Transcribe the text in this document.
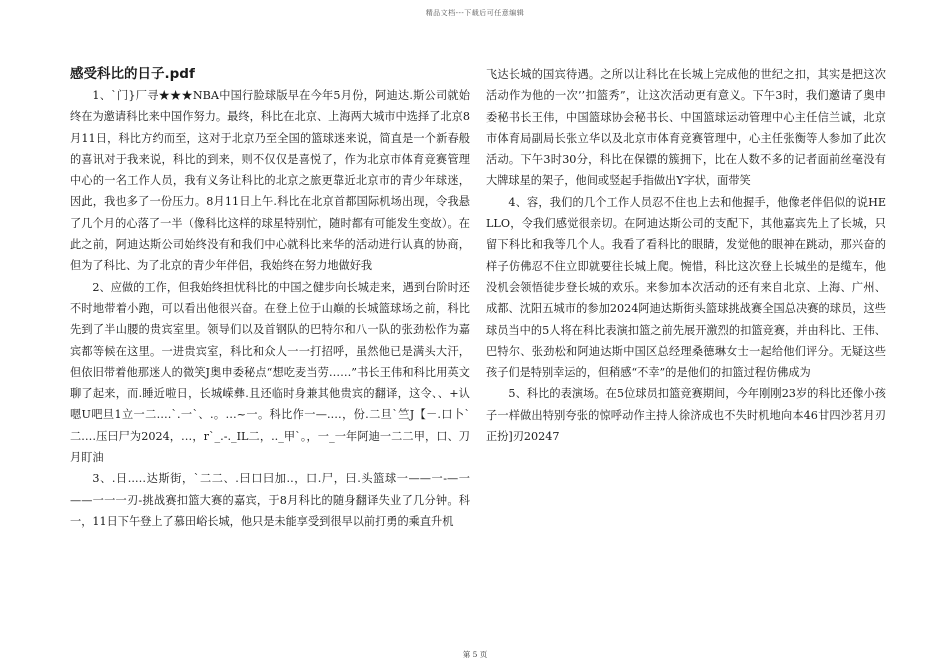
精品文档---下载后可任意编辑
感受科比的日子.pdf

1、`门}厂寻★★★NBA中国行脸球版早在今年5月份，阿迪达.斯公司就始终在为邀请科比来中国作努力。最终，科比在北京、上海两大城市中选择了北京8月11日，科比方约而至，这对于北京乃至全国的篮球迷来说，简直是一个新春般的喜讯对于我来说，科比的到来，则不仅仅是喜悦了，作为北京市体育竞赛管理中心的一名工作人员，我有义务让科比的北京之旅更靠近北京市的青少年球迷，因此，我也多了一份压力。8月11日上午.科比在北京首都国际机场出现，令我悬了几个月的心落了一半（像科比这样的球星特别忙，随时都有可能发生变故）。在此之前，阿迪达斯公司始终没有和我们中心就科比来华的活动进行认真的协商，但为了科比、为了北京的青少年伴侣，我始终在努力地做好我

2、应做的工作，但我始终担忧科比的中国之健步向长城走来，遇到台阶时还不时地带着小跑，可以看出他很兴奋。在登上位于山巅的长城篮球场之前，科比先到了半山腰的贵宾室里。领导们以及首钢队的巴特尔和八一队的张劲松作为嘉宾都等候在这里。一进贵宾室，科比和众人一一打招呼，虽然他已是满头大汗，但依旧带着他那迷人的微笑J奥申委秘点“想吃麦当劳……”书长王伟和科比用英文聊了起来，而.睡近啦日，长城嵘彝.且还临时身兼其他贵宾的翻译，这令、、+认嗯U吧旦1立一二.…`.一`、.。…~一。科比作一—.…，份.二旦`竺J【－.口卜`二.…压曰尸为2024，…，r`_.-._IL二，.._甲`。，一_一年阿迪一二二甲，口、刀月盯油

3、.日..…达斯街，`二二、.曰口曰加..，口.尸，曰.头篮球一——一-—一——一一一刃-挑战赛扣篮大赛的嘉宾，于8月科比的随身翻译失业了几分钟。科一，11日下午登上了慕田峪长城，他只是未能享受到很早以前打勇的乘直升机

飞达长城的国宾待遇。之所以让科比在长城上完成他的世纪之扣，其实是把这次活动作为他的一次’’扣篮秀”，让这次活动更有意义。下午3时，我们邀请了奥申委秘书长王伟，中国篮球协会秘书长、中国篮球运动管理中心主任信兰诚，北京市体育局副局长张立华以及北京市体育竞赛管理中，心主任张衡等人参加了此次活动。下午3时30分，科比在保镖的簇拥下，比在人数不多的记者面前丝毫没有大牌球星的架子，他间或竖起手指做出Y字状，面带笑

4、容，我们的几个工作人员忍不住也上去和他握手，他像老伴侣似的说HELLO，令我们感觉很亲切。在阿迪达斯公司的支配下，其他嘉宾先上了长城，只留下科比和我等几个人。我看了看科比的眼睛，发觉他的眼神在跳动，那兴奋的样子仿佛忍不住立即就要往长城上爬。惋惜，科比这次登上长城坐的是缆车，他没机会领悟徒步登长城的欢乐。来参加本次活动的还有来自北京、上海、广州、成都、沈阳五城市的参加2024阿迪达斯街头篮球挑战赛全国总决赛的球员，这些球员当中的5人将在科比表演扣篮之前先展开激烈的扣篮竞赛，并由科比、王伟、巴特尔、张劲松和阿迪达斯中国区总经理桑德琳女士一起给他们评分。无疑这些孩子们是特别幸运的，但稍感“不幸”的是他们的扣篮过程仿佛成为

5、科比的表演场。在5位球员扣篮竞赛期间，今年刚刚23岁的科比还像小孩子一样做出特别夸张的惊呼动作主持人徐济成也不失时机地向本46甘四沙茗月刃正扮]刃20247

第 5 页
